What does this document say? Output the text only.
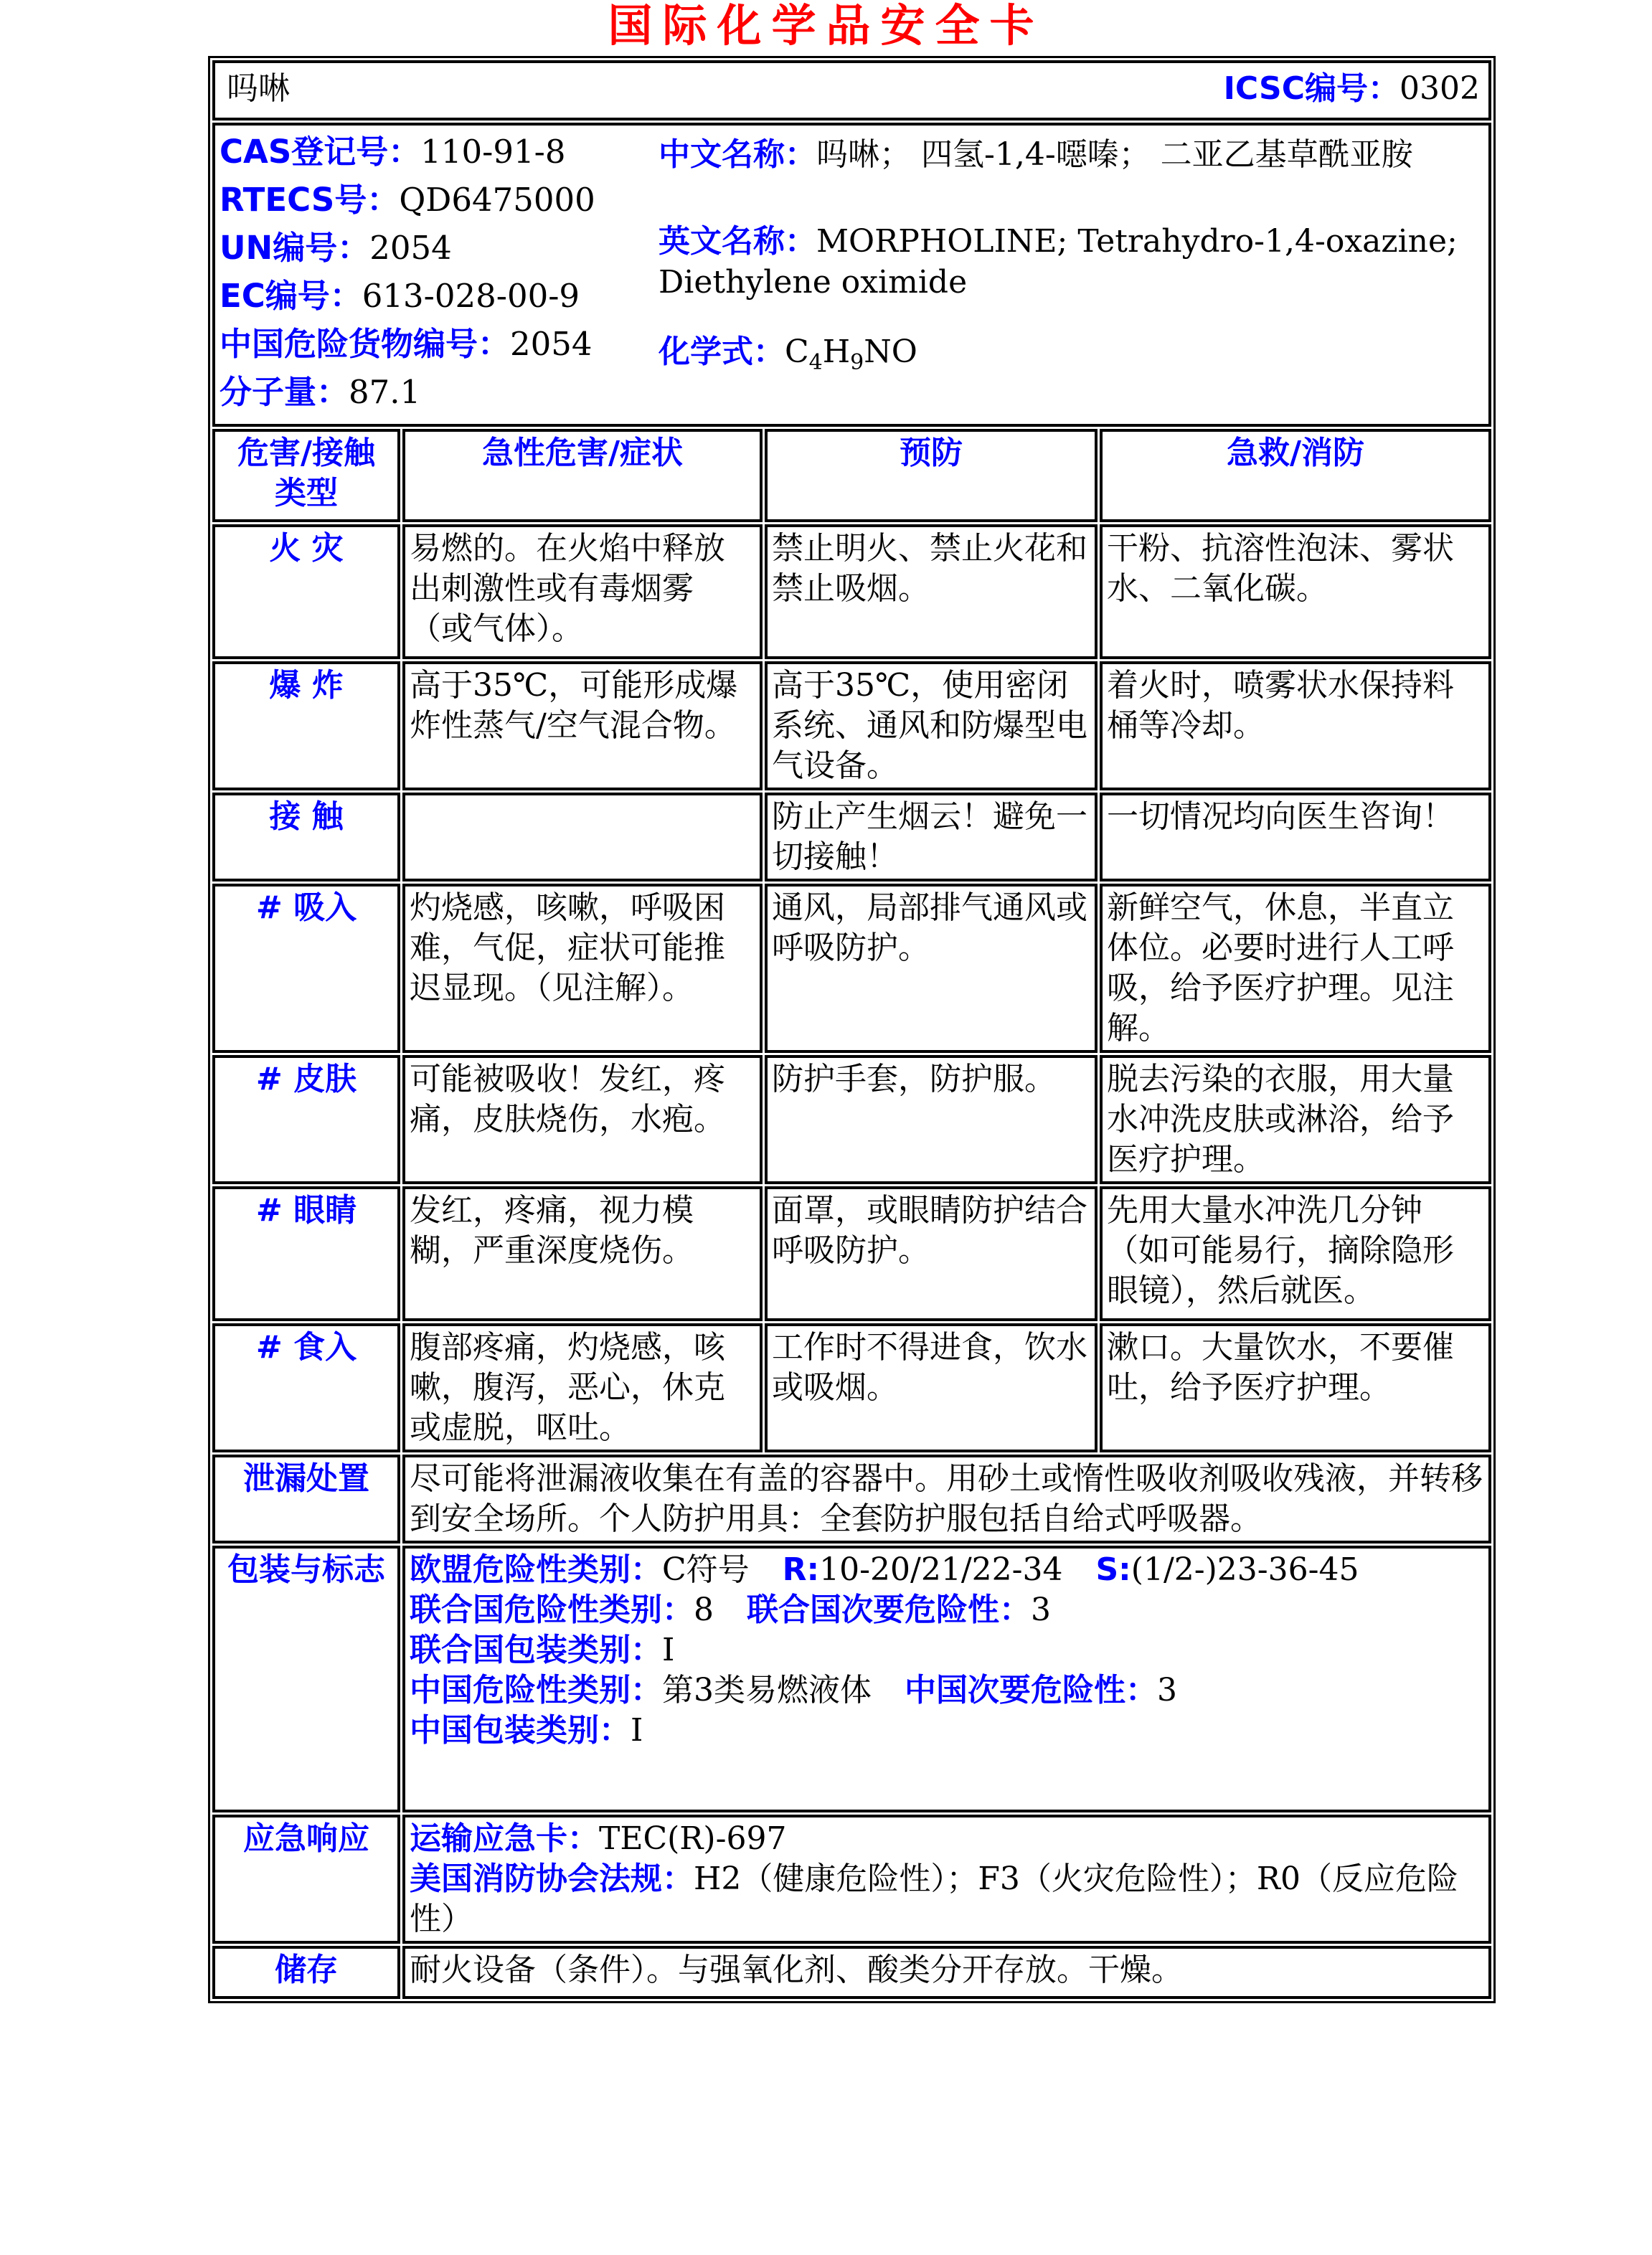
国际化学品安全卡
吗啉 ICSC编号：0302			

CAS登记号：110-91-8
RTECS号：QD6475000
UN编号：2054
EC编号：613-028-00-9
中国危险货物编号：2054
分子量：87.1

中文名称：吗啉； 四氢-1,4-噁嗪； 二亚乙基草酰亚胺

英文名称：MORPHOLINE; Tetrahydro-1,4-oxazine; Diethylene oximide

化学式：$C_4H_9NO$

危害/接触
类型	急性危害/症状	预防	急救/消防
火 灾	易燃的。在火焰中释放出刺激性或有毒烟雾（或气体）。	禁止明火、禁止火花和禁止吸烟。	干粉、抗溶性泡沫、雾状水、二氧化碳。
爆 炸	高于35℃，可能形成爆炸性蒸气/空气混合物。	高于35℃，使用密闭系统、通风和防爆型电气设备。	着火时，喷雾状水保持料桶等冷却。
接 触		防止产生烟云！避免一切接触！	一切情况均向医生咨询！
# 吸入	灼烧感，咳嗽，呼吸困难，气促，症状可能推迟显现。（见注解）。	通风，局部排气通风或呼吸防护。	新鲜空气，休息，半直立体位。必要时进行人工呼吸，给予医疗护理。见注解。
# 皮肤	可能被吸收！发红，疼痛，皮肤烧伤，水疱。	防护手套，防护服。	脱去污染的衣服，用大量水冲洗皮肤或淋浴，给予医疗护理。
# 眼睛	发红，疼痛，视力模糊，严重深度烧伤。	面罩，或眼睛防护结合呼吸防护。	先用大量水冲洗几分钟（如可能易行，摘除隐形眼镜），然后就医。
# 食入	腹部疼痛，灼烧感，咳嗽，腹泻，恶心，休克或虚脱，呕吐。	工作时不得进食，饮水或吸烟。	漱口。大量饮水，不要催吐，给予医疗护理。
泄漏处置	尽可能将泄漏液收集在有盖的容器中。用砂土或惰性吸收剂吸收残液，并转移到安全场所。个人防护用具：全套防护服包括自给式呼吸器。		
包装与标志	欧盟危险性类别：C符号 R:10-20/21/22-34 S:(1/2-)23-36-45

联合国危险性类别：8 联合国次要危险性：3

联合国包装类别：I

中国危险性类别：第3类易燃液体 中国次要危险性：3

中国包装类别：I		

应急响应	运输应急卡：TEC(R)-697

美国消防协会法规：H2（健康危险性）；F3（火灾危险性）；R0（反应危险性）		

储存	耐火设备（条件）。与强氧化剂、酸类分开存放。干燥。		
